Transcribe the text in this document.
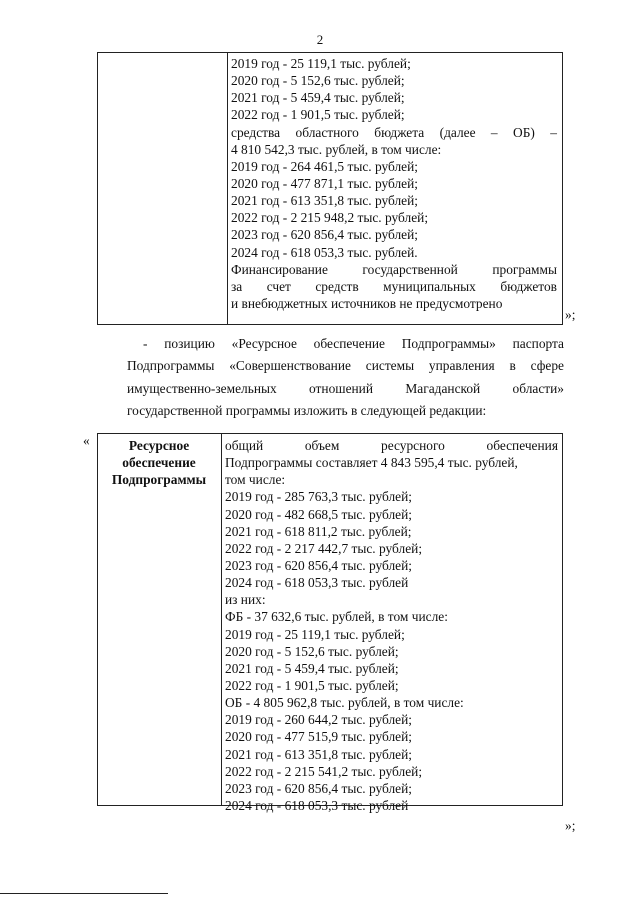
2
2019 год - 25 119,1 тыс. рублей;
2020 год - 5 152,6 тыс. рублей;
2021 год - 5 459,4 тыс. рублей;
2022 год - 1 901,5 тыс. рублей;
средства областного бюджета (далее – ОБ) –
4 810 542,3 тыс. рублей, в том числе:
2019 год - 264 461,5 тыс. рублей;
2020 год - 477 871,1 тыс. рублей;
2021 год - 613 351,8 тыс. рублей;
2022 год - 2 215 948,2 тыс. рублей;
2023 год - 620 856,4 тыс. рублей;
2024 год - 618 053,3 тыс. рублей.
Финансирование государственной программы
за счет средств муниципальных бюджетов
и внебюджетных источников не предусмотрено
»;
- позицию «Ресурсное обеспечение Подпрограммы» паспорта
Подпрограммы «Совершенствование системы управления в сфере
имущественно-земельных отношений Магаданской области»
государственной программы изложить в следующей редакции:
«	Ресурсное
обеспечение
Подпрограммы
общий объем ресурсного обеспечения
Подпрограммы составляет 4 843 595,4 тыс. рублей,
том числе:
2019 год - 285 763,3 тыс. рублей;
2020 год - 482 668,5 тыс. рублей;
2021 год - 618 811,2 тыс. рублей;
2022 год - 2 217 442,7 тыс. рублей;
2023 год - 620 856,4 тыс. рублей;
2024 год - 618 053,3 тыс. рублей
из них:
ФБ - 37 632,6 тыс. рублей, в том числе:
2019 год - 25 119,1 тыс. рублей;
2020 год - 5 152,6 тыс. рублей;
2021 год - 5 459,4 тыс. рублей;
2022 год - 1 901,5 тыс. рублей;
ОБ - 4 805 962,8 тыс. рублей, в том числе:
2019 год - 260 644,2 тыс. рублей;
2020 год - 477 515,9 тыс. рублей;
2021 год - 613 351,8 тыс. рублей;
2022 год - 2 215 541,2 тыс. рублей;
2023 год - 620 856,4 тыс. рублей;
2024 год - 618 053,3 тыс. рублей
»;
